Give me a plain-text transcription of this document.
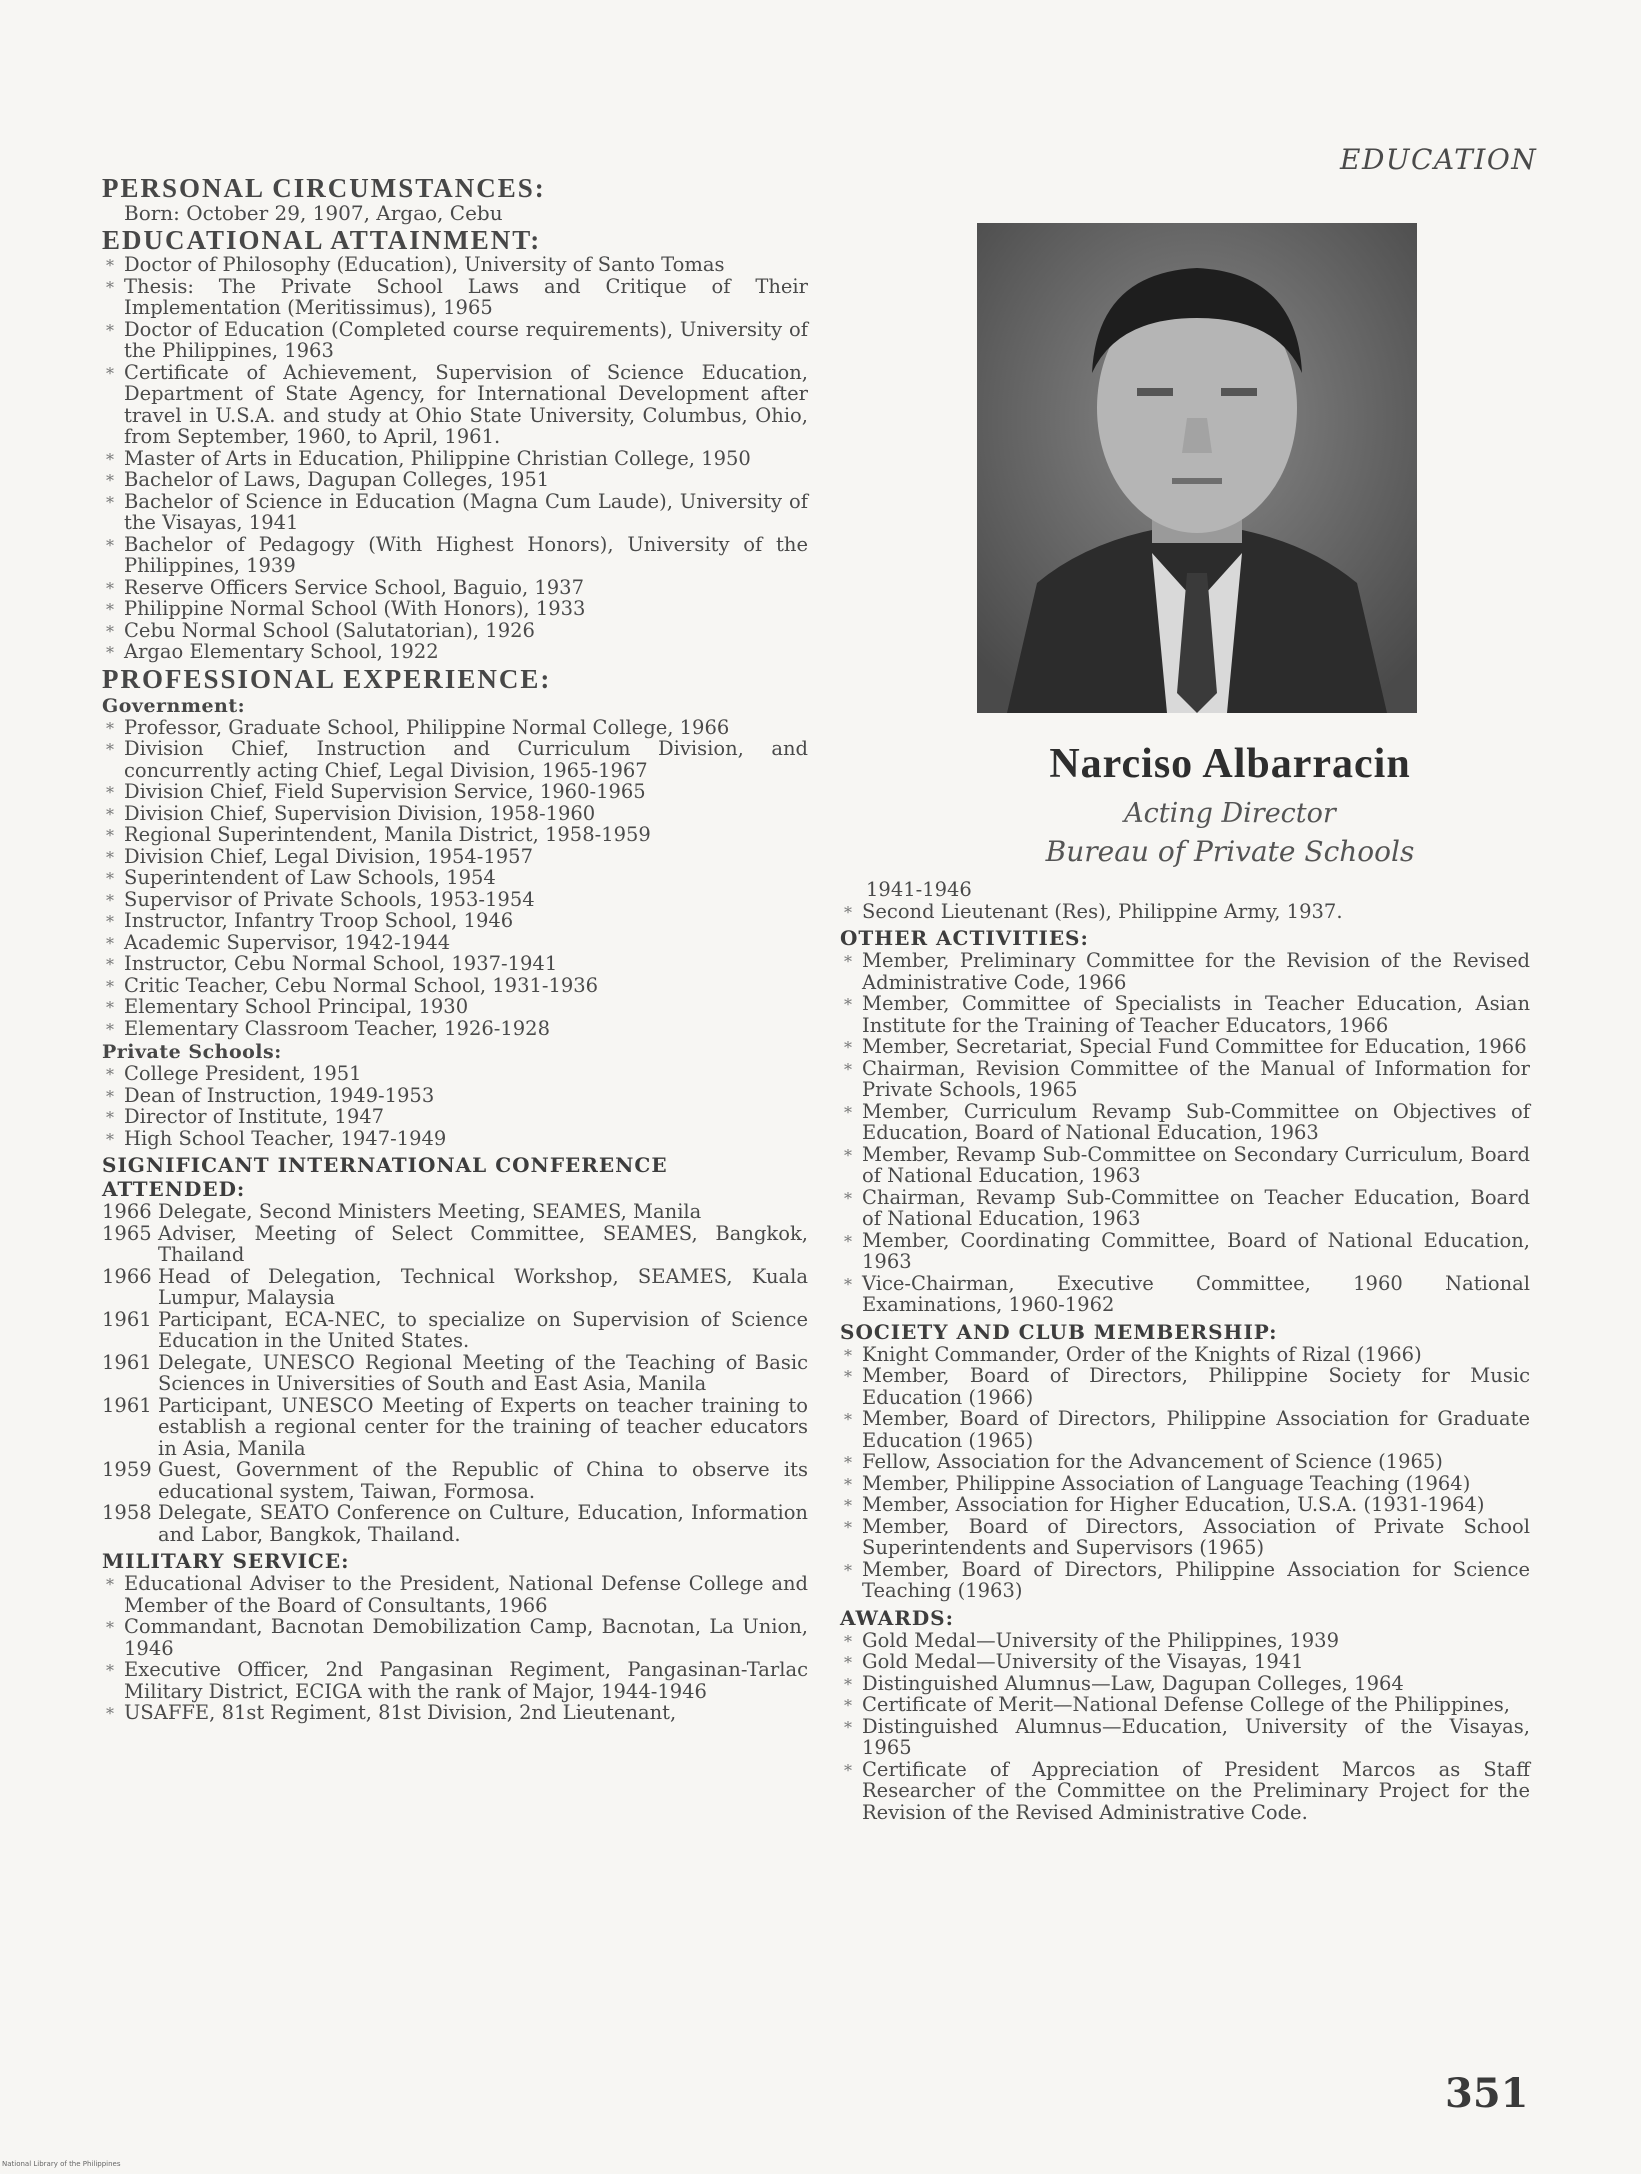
EDUCATION
PERSONAL CIRCUMSTANCES:
Born: October 29, 1907, Argao, Cebu
EDUCATIONAL ATTAINMENT:
* Doctor of Philosophy (Education), University of Santo Tomas
* Thesis: The Private School Laws and Critique of Their Implementation (Meritissimus), 1965
* Doctor of Education (Completed course requirements), University of the Philippines, 1963
* Certificate of Achievement, Supervision of Science Education, Department of State Agency, for International Development after travel in U.S.A. and study at Ohio State University, Columbus, Ohio, from September, 1960, to April, 1961.
* Master of Arts in Education, Philippine Christian College, 1950
* Bachelor of Laws, Dagupan Colleges, 1951
* Bachelor of Science in Education (Magna Cum Laude), University of the Visayas, 1941
* Bachelor of Pedagogy (With Highest Honors), University of the Philippines, 1939
* Reserve Officers Service School, Baguio, 1937
* Philippine Normal School (With Honors), 1933
* Cebu Normal School (Salutatorian), 1926
* Argao Elementary School, 1922
PROFESSIONAL EXPERIENCE:
Government:
* Professor, Graduate School, Philippine Normal College, 1966
* Division Chief, Instruction and Curriculum Division, and concurrently acting Chief, Legal Division, 1965-1967
* Division Chief, Field Supervision Service, 1960-1965
* Division Chief, Supervision Division, 1958-1960
* Regional Superintendent, Manila District, 1958-1959
* Division Chief, Legal Division, 1954-1957
* Superintendent of Law Schools, 1954
* Supervisor of Private Schools, 1953-1954
* Instructor, Infantry Troop School, 1946
* Academic Supervisor, 1942-1944
* Instructor, Cebu Normal School, 1937-1941
* Critic Teacher, Cebu Normal School, 1931-1936
* Elementary School Principal, 1930
* Elementary Classroom Teacher, 1926-1928
Private Schools:
* College President, 1951
* Dean of Instruction, 1949-1953
* Director of Institute, 1947
* High School Teacher, 1947-1949
SIGNIFICANT INTERNATIONAL CONFERENCE
ATTENDED:
1966 Delegate, Second Ministers Meeting, SEAMES, Manila
1965 Adviser, Meeting of Select Committee, SEAMES, Bangkok, Thailand
1966 Head of Delegation, Technical Workshop, SEAMES, Kuala Lumpur, Malaysia
1961 Participant, ECA-NEC, to specialize on Supervision of Science Education in the United States.
1961 Delegate, UNESCO Regional Meeting of the Teaching of Basic Sciences in Universities of South and East Asia, Manila
1961 Participant, UNESCO Meeting of Experts on teacher training to establish a regional center for the training of teacher educators in Asia, Manila
1959 Guest, Government of the Republic of China to observe its educational system, Taiwan, Formosa.
1958 Delegate, SEATO Conference on Culture, Education, Information and Labor, Bangkok, Thailand.
MILITARY SERVICE:
* Educational Adviser to the President, National Defense College and Member of the Board of Consultants, 1966
* Commandant, Bacnotan Demobilization Camp, Bacnotan, La Union, 1946
* Executive Officer, 2nd Pangasinan Regiment, Pangasinan-Tarlac Military District, ECIGA with the rank of Major, 1944-1946
* USAFFE, 81st Regiment, 81st Division, 2nd Lieutenant,
Narciso Albarracin
Acting Director
Bureau of Private Schools
1941-1946
* Second Lieutenant (Res), Philippine Army, 1937.
OTHER ACTIVITIES:
* Member, Preliminary Committee for the Revision of the Revised Administrative Code, 1966
* Member, Committee of Specialists in Teacher Education, Asian Institute for the Training of Teacher Educators, 1966
* Member, Secretariat, Special Fund Committee for Education, 1966
* Chairman, Revision Committee of the Manual of Information for Private Schools, 1965
* Member, Curriculum Revamp Sub-Committee on Objectives of Education, Board of National Education, 1963
* Member, Revamp Sub-Committee on Secondary Curriculum, Board of National Education, 1963
* Chairman, Revamp Sub-Committee on Teacher Education, Board of National Education, 1963
* Member, Coordinating Committee, Board of National Education, 1963
* Vice-Chairman, Executive Committee, 1960 National Examinations, 1960-1962
SOCIETY AND CLUB MEMBERSHIP:
* Knight Commander, Order of the Knights of Rizal (1966)
* Member, Board of Directors, Philippine Society for Music Education (1966)
* Member, Board of Directors, Philippine Association for Graduate Education (1965)
* Fellow, Association for the Advancement of Science (1965)
* Member, Philippine Association of Language Teaching (1964)
* Member, Association for Higher Education, U.S.A. (1931-1964)
* Member, Board of Directors, Association of Private School Superintendents and Supervisors (1965)
* Member, Board of Directors, Philippine Association for Science Teaching (1963)
AWARDS:
* Gold Medal—University of the Philippines, 1939
* Gold Medal—University of the Visayas, 1941
* Distinguished Alumnus—Law, Dagupan Colleges, 1964
* Certificate of Merit—National Defense College of the Philippines,
* Distinguished Alumnus—Education, University of the Visayas, 1965
* Certificate of Appreciation of President Marcos as Staff Researcher of the Committee on the Preliminary Project for the Revision of the Revised Administrative Code.
351
National Library of the Philippines
